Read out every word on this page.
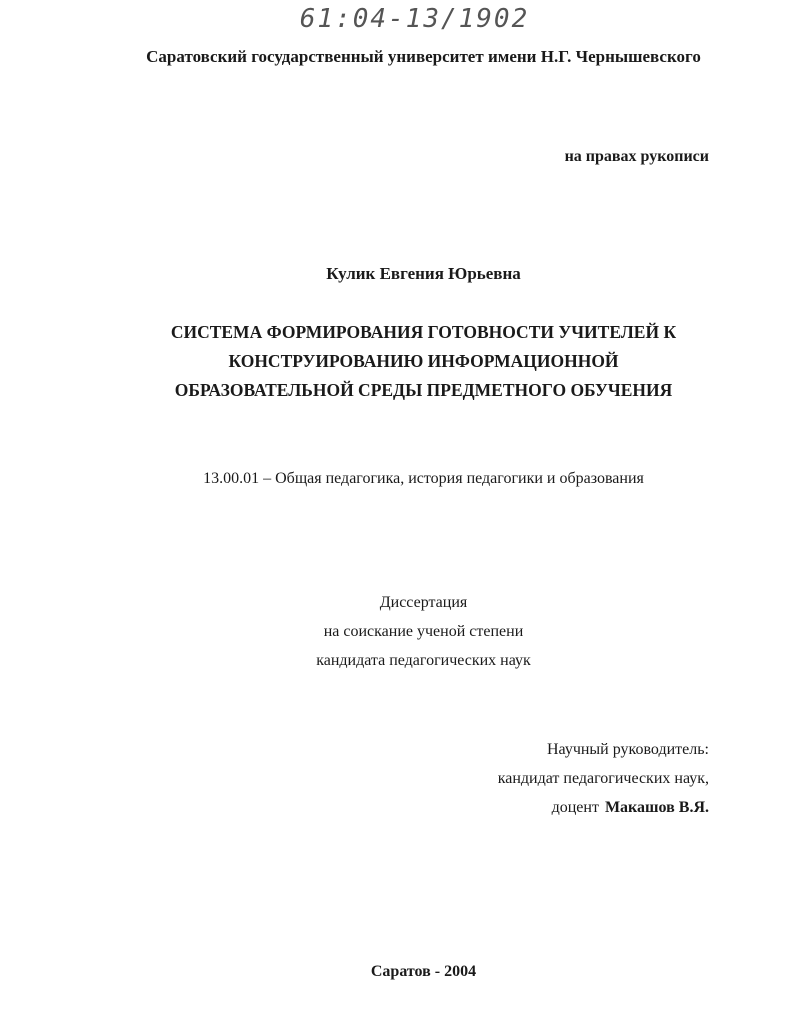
61:04-13/1902
Саратовский государственный университет имени Н.Г. Чернышевского
на правах рукописи
Кулик Евгения Юрьевна
СИСТЕМА ФОРМИРОВАНИЯ ГОТОВНОСТИ УЧИТЕЛЕЙ К
КОНСТРУИРОВАНИЮ ИНФОРМАЦИОННОЙ
ОБРАЗОВАТЕЛЬНОЙ СРЕДЫ ПРЕДМЕТНОГО ОБУЧЕНИЯ
13.00.01 – Общая педагогика, история педагогики и образования
Диссертация
на соискание ученой степени
кандидата педагогических наук
Научный руководитель:
кандидат педагогических наук,
доцент Макашов В.Я.
Саратов - 2004
